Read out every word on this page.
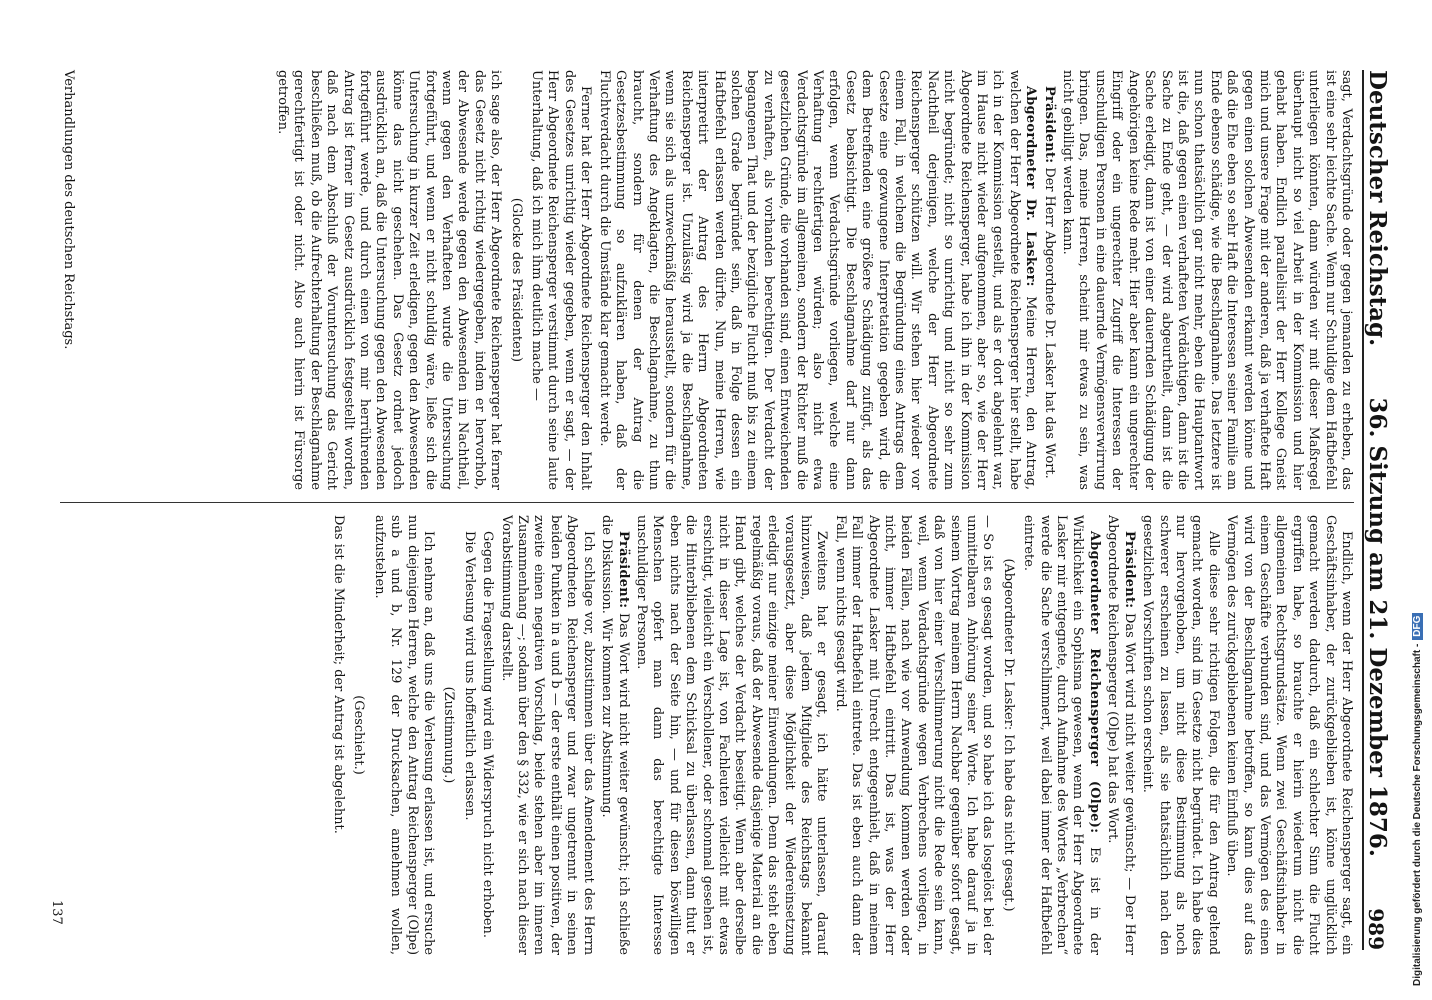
Deutscher Reichstag.
36. Sitzung am 21. Dezember 1876.
989

sagt, Verdachtsgründe oder gegen jemanden zu erheben, das ist eine sehr leichte Sache. Wenn nur Schuldige dem Haftbefehl unterliegen könnten, dann würden wir mit dieser Maßregel überhaupt nicht so viel Arbeit in der Kommission und hier gehabt haben. Endlich parallelisirt der Herr Kollege Gneist mich und unsere Frage mit der anderen, daß ja verhaftete Haft gegen einen solchen Abwesenden erkannt werden könne und daß die Ehe eben so sehr Haft die Interessen seiner Familie am Ende ebenso schädige, wie die Beschlagnahme. Das letztere ist nun schon thatsächlich gar nicht mehr, eben die Hauptantwort ist die, daß gegen einen verhafteten Verdächtigen, dann ist die Sache zu Ende geht, — der wird abgeurtheilt, dann ist die Sache erledigt, dann ist von einer dauernden Schädigung der Angehörigen keine Rede mehr. Hier aber kann ein ungerechter Eingriff oder ein ungerechter Zugriff die Interessen der unschuldigen Personen in eine dauernde Vermögensverwirrung bringen. Das, meine Herren, scheint mir etwas zu sein, was nicht gebilligt werden kann.

Präsident: Der Herr Abgeordnete Dr. Lasker hat das Wort.

Abgeordneter Dr. Lasker: Meine Herren, den Antrag, welchen der Herr Abgeordnete Reichensperger hier stellt, habe ich in der Kommission gestellt, und als er dort abgelehnt war, im Hause nicht wieder aufgenommen, aber so, wie der Herr Abgeordnete Reichensperger, habe ich ihn in der Kommission nicht begründet; nicht so unrichtig und nicht so sehr zum Nachtheil derjenigen, welche der Herr Abgeordnete Reichensperger schützen will. Wir stehen hier wieder vor einem Fall, in welchem die Begründung eines Antrags dem Gesetze eine gezwungene Interpretation gegeben wird, die dem Betreffenden eine größere Schädigung zufügt, als das Gesetz beabsichtigt. Die Beschlagnahme darf nur dann erfolgen, wenn Verdachtsgründe vorliegen, welche eine Verhaftung rechtfertigen würden; also nicht etwa Verdachtsgründe im allgemeinen, sondern der Richter muß die gesetzlichen Gründe, die vorhanden sind, einen Entweichenden zu verhaften, als vorhanden berechtigen. Der Verdacht der begangenen That und der bezügliche Flucht muß bis zu einem solchen Grade begründet sein, daß in Folge dessen ein Haftbefehl erlassen werden dürfte. Nun, meine Herren, wie interpretirt der Antrag des Herrn Abgeordneten Reichensperger ist. Unzulässig wird ja die Beschlagnahme, wenn sie sich als unzweckmäßig herausstellt, sondern für die Verhaftung des Angeklagten, die Beschlagnahme, zu thun braucht, sondern für denen der Antrag die Gesetzesbestimmung so aufzuklären haben, daß der Fluchtverdacht durch die Umstände klar gemacht werde.

Ferner hat der Herr Abgeordnete Reichensperger den Inhalt des Gesetzes unrichtig wieder gegeben, wenn er sagt, — der Herr Abgeordnete Reichensperger verstimmt durch seine laute Unterhaltung, daß ich mich ihm deutlich mache —

(Glocke des Präsidenten)

ich sage also, der Herr Abgeordnete Reichensperger hat ferner das Gesetz nicht richtig wiedergegeben, indem er hervorhob, der Abwesende werde gegen den Abwesenden im Nachtheil, wenn gegen den Verhafteten wurde die Untersuchung fortgeführt, und wenn er nicht schuldig wäre, ließe sich die Untersuchung in kurzer Zeit erledigen, gegen den Abwesenden könne das nicht geschehen. Das Gesetz ordnet jedoch ausdrücklich an, daß die Untersuchung gegen den Abwesenden fortgeführt werde, und durch einen von mir herrührenden Antrag ist ferner im Gesetz ausdrücklich festgestellt worden, daß nach dem Abschluß der Voruntersuchung das Gericht beschließen muß, ob die Aufrechterhaltung der Beschlagnahme gerechtfertigt ist oder nicht. Also auch hierin ist Fürsorge getroffen.

Endlich, wenn der Herr Abgeordnete Reichensperger sagt, ein Geschäftsinhaber, der zurückgeblieben ist, könne unglücklich gemacht werden dadurch, daß ein schlechter Sinn die Flucht ergriffen habe, so brauchte er hierin wiederum nicht die allgemeinen Rechtsgrundsätze. Wenn zwei Geschäftsinhaber in einem Geschäfte verbunden sind, und das Vermögen des einen wird von der Beschlagnahme betroffen, so kann dies auf das Vermögen des zurückgebliebenen keinen Einfluß üben.

Alle diese sehr richtigen Folgen, die für den Antrag geltend gemacht worden, sind im Gesetze nicht begründet. Ich habe dies nur hervorgehoben, um nicht diese Bestimmung als noch schwerer erscheinen zu lassen, als sie thatsächlich nach den gesetzlichen Vorschriften schon erscheint.

Präsident: Das Wort wird nicht weiter gewünscht; — Der Herr Abgeordnete Reichensperger (Olpe) hat das Wort.

Abgeordneter Reichensperger (Olpe): Es ist in der Wirklichkeit ein Sophisma gewesen, wenn der Herr Abgeordnete Lasker mir entgegnete, durch Aufnahme des Wortes „Verbrechen“ werde die Sache verschlimmert, weil dabei immer der Haftbefehl eintrete.

(Abgeordneter Dr. Lasker: Ich habe das nicht gesagt.)

— So ist es gesagt worden, und so habe ich das losgelöst bei der unmittelbaren Anhörung seiner Worte. Ich habe darauf ja in seinem Vortrag meinem Herrn Nachbar gegenüber sofort gesagt, daß von hier einer Verschlimmerung nicht die Rede sein kann, weil, wenn Verdachtsgründe wegen Verbrechens vorliegen, in beiden Fällen, nach wie vor Anwendung kommen werden oder nicht, immer Haftbefehl eintritt. Das ist, was der Herr Abgeordnete Lasker mit Unrecht entgegenhielt, daß in meinem Fall immer der Haftbefehl eintrete. Das ist eben auch dann der Fall, wenn nichts gesagt wird.

Zweitens hat er gesagt, ich hätte unterlassen, darauf hinzuweisen, daß jedem Mitgliede des Reichstags bekannt vorausgesetzt, aber diese Möglichkeit der Wiedereinsetzung erledigt nur einzige meiner Einwendungen. Denn das steht eben regelmäßig voraus, daß der Abwesende dasjenige Material an die Hand gibt, welches der Verdacht beseitigt. Wenn aber derselbe nicht in dieser Lage ist, von Fachleuten vielleicht mit etwas ersichtigt, vielleicht ein Verschollener, oder schonmal gesehen ist, die Hinterbliebenen dem Schicksal zu überlassen, dann thut er eben nichts nach der Seite hin, — und für diesen böswilligen Menschen opfert man dann das berechtigte Interesse unschuldiger Personen.

Präsident: Das Wort wird nicht weiter gewünscht; ich schließe die Diskussion. Wir kommen zur Abstimmung.

Ich schlage vor, abzustimmen über das Amendement des Herrn Abgeordneten Reichensperger und zwar ungetrennt in seinen beiden Punkten in a und b — der erste enthält einen positiven, der zweite einen negativen Vorschlag, beide stehen aber im inneren Zusammenhang —; sodann über den § 332, wie er sich nach dieser Vorabstimmung darstellt.

Gegen die Fragestellung wird ein Widerspruch nicht erhoben.

Die Verlesung wird uns hoffentlich erlassen.

(Zustimmung.)

Ich nehme an, daß uns die Verlesung erlassen ist, und ersuche nun diejenigen Herren, welche den Antrag Reichensperger (Olpe) sub a und b, Nr. 129 der Drucksachen, annehmen wollen, aufzustehen.

(Geschieht.)

Das ist die Minderheit; der Antrag ist abgelehnt.

Verhandlungen des deutschen Reichstags.
137	Digitalisierung gefördert durch die Deutsche Forschungsgemeinschaft -DFG
